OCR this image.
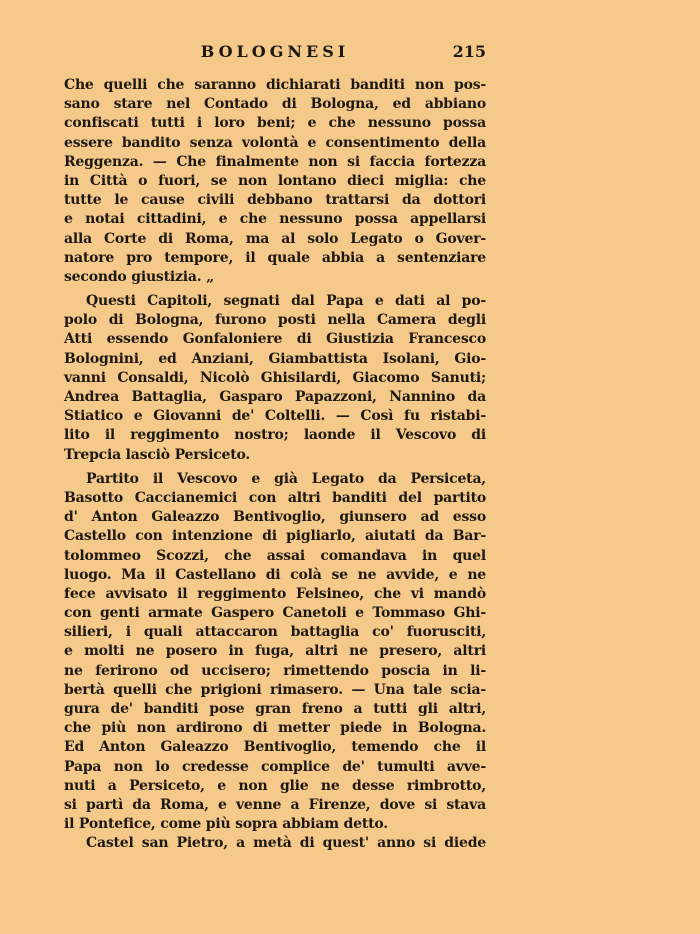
BOLOGNESI	215
Che quelli che saranno dichiarati banditi non pos-
sano stare nel Contado di Bologna, ed abbiano
confiscati tutti i loro beni; e che nessuno possa
essere bandito senza volontà e consentimento della
Reggenza. — Che finalmente non si faccia fortezza
in Città o fuori, se non lontano dieci miglia: che
tutte le cause civili debbano trattarsi da dottori
e notai cittadini, e che nessuno possa appellarsi
alla Corte di Roma, ma al solo Legato o Gover-
natore pro tempore, il quale abbia a sentenziare
secondo giustizia. „
Questi Capitoli, segnati dal Papa e dati al po-
polo di Bologna, furono posti nella Camera degli
Atti essendo Gonfaloniere di Giustizia Francesco
Bolognini, ed Anziani, Giambattista Isolani, Gio-
vanni Consaldi, Nicolò Ghisilardi, Giacomo Sanuti;
Andrea Battaglia, Gasparo Papazzoni, Nannino da
Stiatico e Giovanni de' Coltelli. — Così fu ristabi-
lito il reggimento nostro; laonde il Vescovo di
Trepcia lasciò Persiceto.
Partito il Vescovo e già Legato da Persiceta,
Basotto Caccianemici con altri banditi del partito
d' Anton Galeazzo Bentivoglio, giunsero ad esso
Castello con intenzione di pigliarlo, aiutati da Bar-
tolommeo Scozzi, che assai comandava in quel
luogo. Ma il Castellano di colà se ne avvide, e ne
fece avvisato il reggimento Felsineo, che vi mandò
con genti armate Gaspero Canetoli e Tommaso Ghi-
silieri, i quali attaccaron battaglia co' fuorusciti,
e molti ne posero in fuga, altri ne presero, altri
ne ferirono od uccisero; rimettendo poscia in li-
bertà quelli che prigioni rimasero. — Una tale scia-
gura de' banditi pose gran freno a tutti gli altri,
che più non ardirono di metter piede in Bologna.
Ed Anton Galeazzo Bentivoglio, temendo che il
Papa non lo credesse complice de' tumulti avve-
nuti a Persiceto, e non glie ne desse rimbrotto,
si partì da Roma, e venne a Firenze, dove si stava
il Pontefice, come più sopra abbiam detto.
Castel san Pietro, a metà di quest' anno si diede
